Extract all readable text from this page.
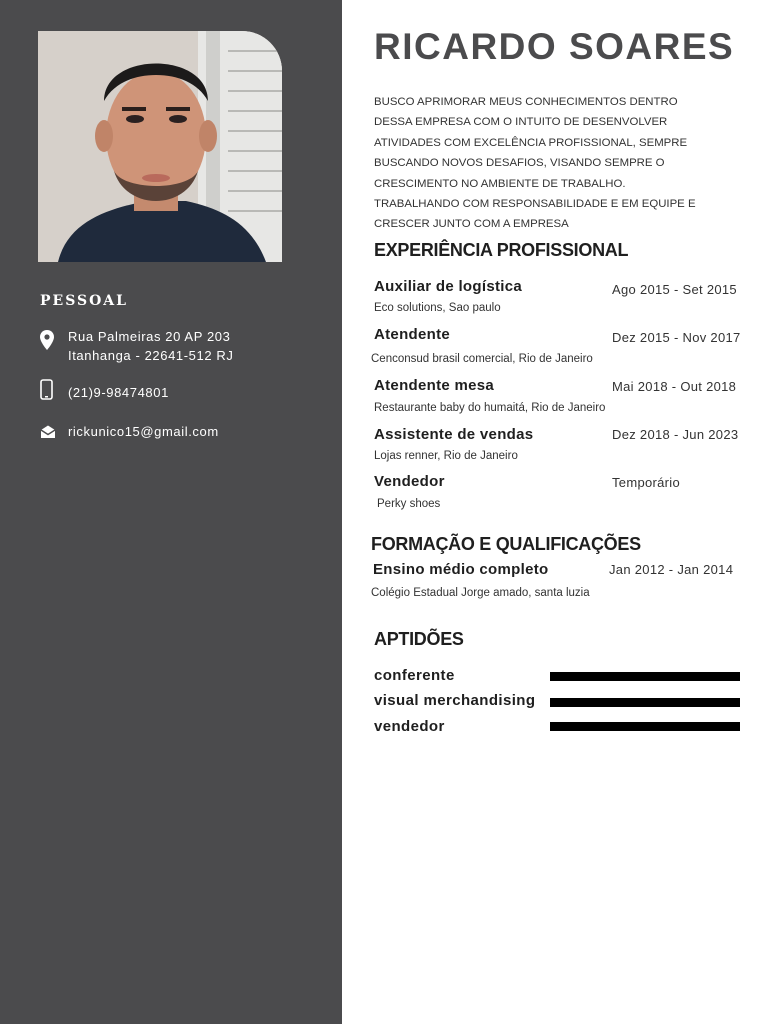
PESSOAL
Rua Palmeiras 20 AP 203
Itanhanga - 22641-512 RJ
(21)9-98474801
rickunico15@gmail.com
RICARDO SOARES
BUSCO APRIMORAR MEUS CONHECIMENTOS DENTRO
DESSA EMPRESA COM O INTUITO DE DESENVOLVER
ATIVIDADES COM EXCELÊNCIA PROFISSIONAL, SEMPRE
BUSCANDO NOVOS DESAFIOS, VISANDO SEMPRE O
CRESCIMENTO NO AMBIENTE DE TRABALHO.
TRABALHANDO COM RESPONSABILIDADE E EM EQUIPE E
CRESCER JUNTO COM A EMPRESA
EXPERIÊNCIA PROFISSIONAL
Auxiliar de logística	Ago 2015 - Set 2015
Eco solutions, Sao paulo
Atendente	Dez 2015 - Nov 2017
Cenconsud brasil comercial, Rio de Janeiro
Atendente mesa	Mai 2018 - Out 2018
Restaurante baby do humaitá, Rio de Janeiro
Assistente de vendas	Dez 2018 - Jun 2023
Lojas renner, Rio de Janeiro
Vendedor	Temporário
Perky shoes
FORMAÇÃO E QUALIFICAÇÕES
Ensino médio completo	Jan 2012 - Jan 2014
Colégio Estadual Jorge amado, santa luzia
APTIDÕES
conferente
visual merchandising
vendedor
